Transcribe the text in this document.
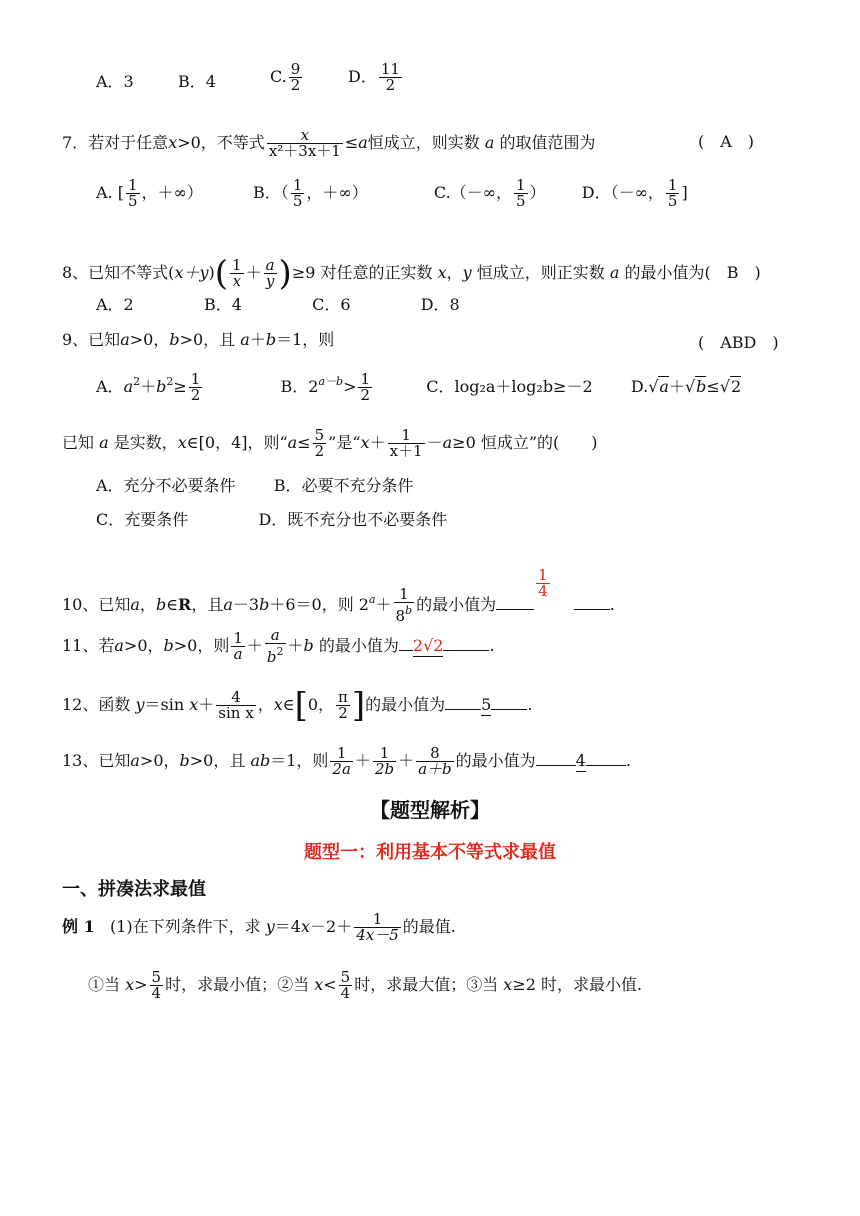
A．3	B．4	C. $\frac{9}{2}$	D． $\frac{11}{2}$
7．若对于任意x>0，不等式 $\frac{x}{\text{x²＋3x＋1}} \le a$恒成立，则实数 a 的取值范围为	(　A　)
A. [ $\frac{1}{5}$ ，＋∞）	B．（ $\frac{1}{5}$ ，＋∞）	C.（－∞， $\frac{1}{5}$ ） D．（－∞， $\frac{1}{5}$ ]
8、已知不等式$(x+y)( \frac{1}{x} + \frac{a}{y} )\ge 9$ 对任意的正实数 x，y 恒成立，则正实数 a 的最小值为(　B　)
A．2	B．4	C．6	D．8
9、已知a>0，b>0，且 a＋b＝1，则	(　ABD　)
A．$a^2+b^2\ge \frac{1}{2}$	B．$2^{a-b}> \frac{1}{2}$	C．log₂a＋log₂b≥－2 D.√a＋√b≤√2
已知 a 是实数，x∈[0，4]，则“$a\le \frac{5}{2}$ ”是“$x+ \frac{1}{x+1} -a\ge 0$ 恒成立”的(　　)
A．充分不必要条件 B．必要不充分条件
C．充要条件	D．既不充分也不必要条件
10、已知a，b∈R，且a－3b＋6＝0，则 $2^a+ \frac{1}{8^b}$ 的最小值为
$\frac{1}{4}$
.
11、若a>0，b>0，则 $\frac{1}{a} + \frac{a}{b^2} +b$ 的最小值为 2√2	.
12、函数 y＝sin $x+ \frac{4}{\text{sin x}}$ ，x∈[0， $\frac{\pi}{2}$ ]的最小值为 5 .
13、已知a>0，b>0，且 ab＝1，则 $\frac{1}{2a} + \frac{1}{2b} + \frac{8}{a+b}$ 的最小值为	4	.
【题型解析】
题型一：利用基本不等式求最值
一、拼凑法求最值
例 1 (1)在下列条件下，求 $y=4x-2+ \frac{1}{4x-5}$ 的最值.
①当 $x> \frac{5}{4}$ 时，求最小值；②当 $x< \frac{5}{4}$ 时，求最大值；③当 x≥2 时，求最小值.
